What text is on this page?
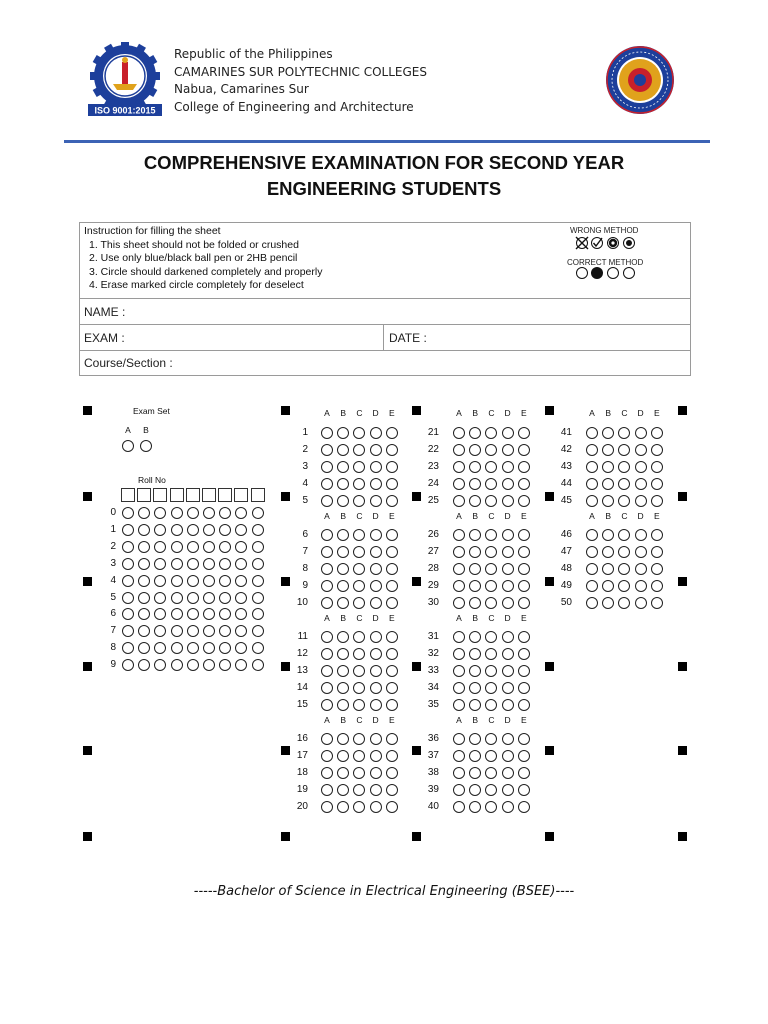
ISO 9001:2015
Republic of the Philippines
CAMARINES SUR POLYTECHNIC COLLEGES
Nabua, Camarines Sur
College of Engineering and Architecture
COMPREHENSIVE EXAMINATION FOR SECOND YEAR
ENGINEERING STUDENTS
Instruction for filling the sheet
1. This sheet should not be folded or crushed
2. Use only blue/black ball pen or 2HB pencil
3. Circle should darkened completely and properly
4. Erase marked circle completely for deselect
WRONG METHOD
CORRECT METHOD
NAME :
EXAM :	DATE :
Course/Section :
Exam Set
A	B
Roll No
0
1
2
3
4
5
6
7
8
9
A	B	C	D	E
A	B	C	D	E
A	B	C	D	E
A	B	C	D	E
1
2
3
4
5
6
7
8
9
10
11
12
13
14
15
16
17
18
19
20
A	B	C	D	E
A	B	C	D	E
A	B	C	D	E
A	B	C	D	E
21
22
23
24
25
26
27
28
29
30
31
32
33
34
35
36
37
38
39
40
A	B	C	D	E
A	B	C	D	E
41
42
43
44
45
46
47
48
49
50
-----Bachelor of Science in Electrical Engineering (BSEE)----
